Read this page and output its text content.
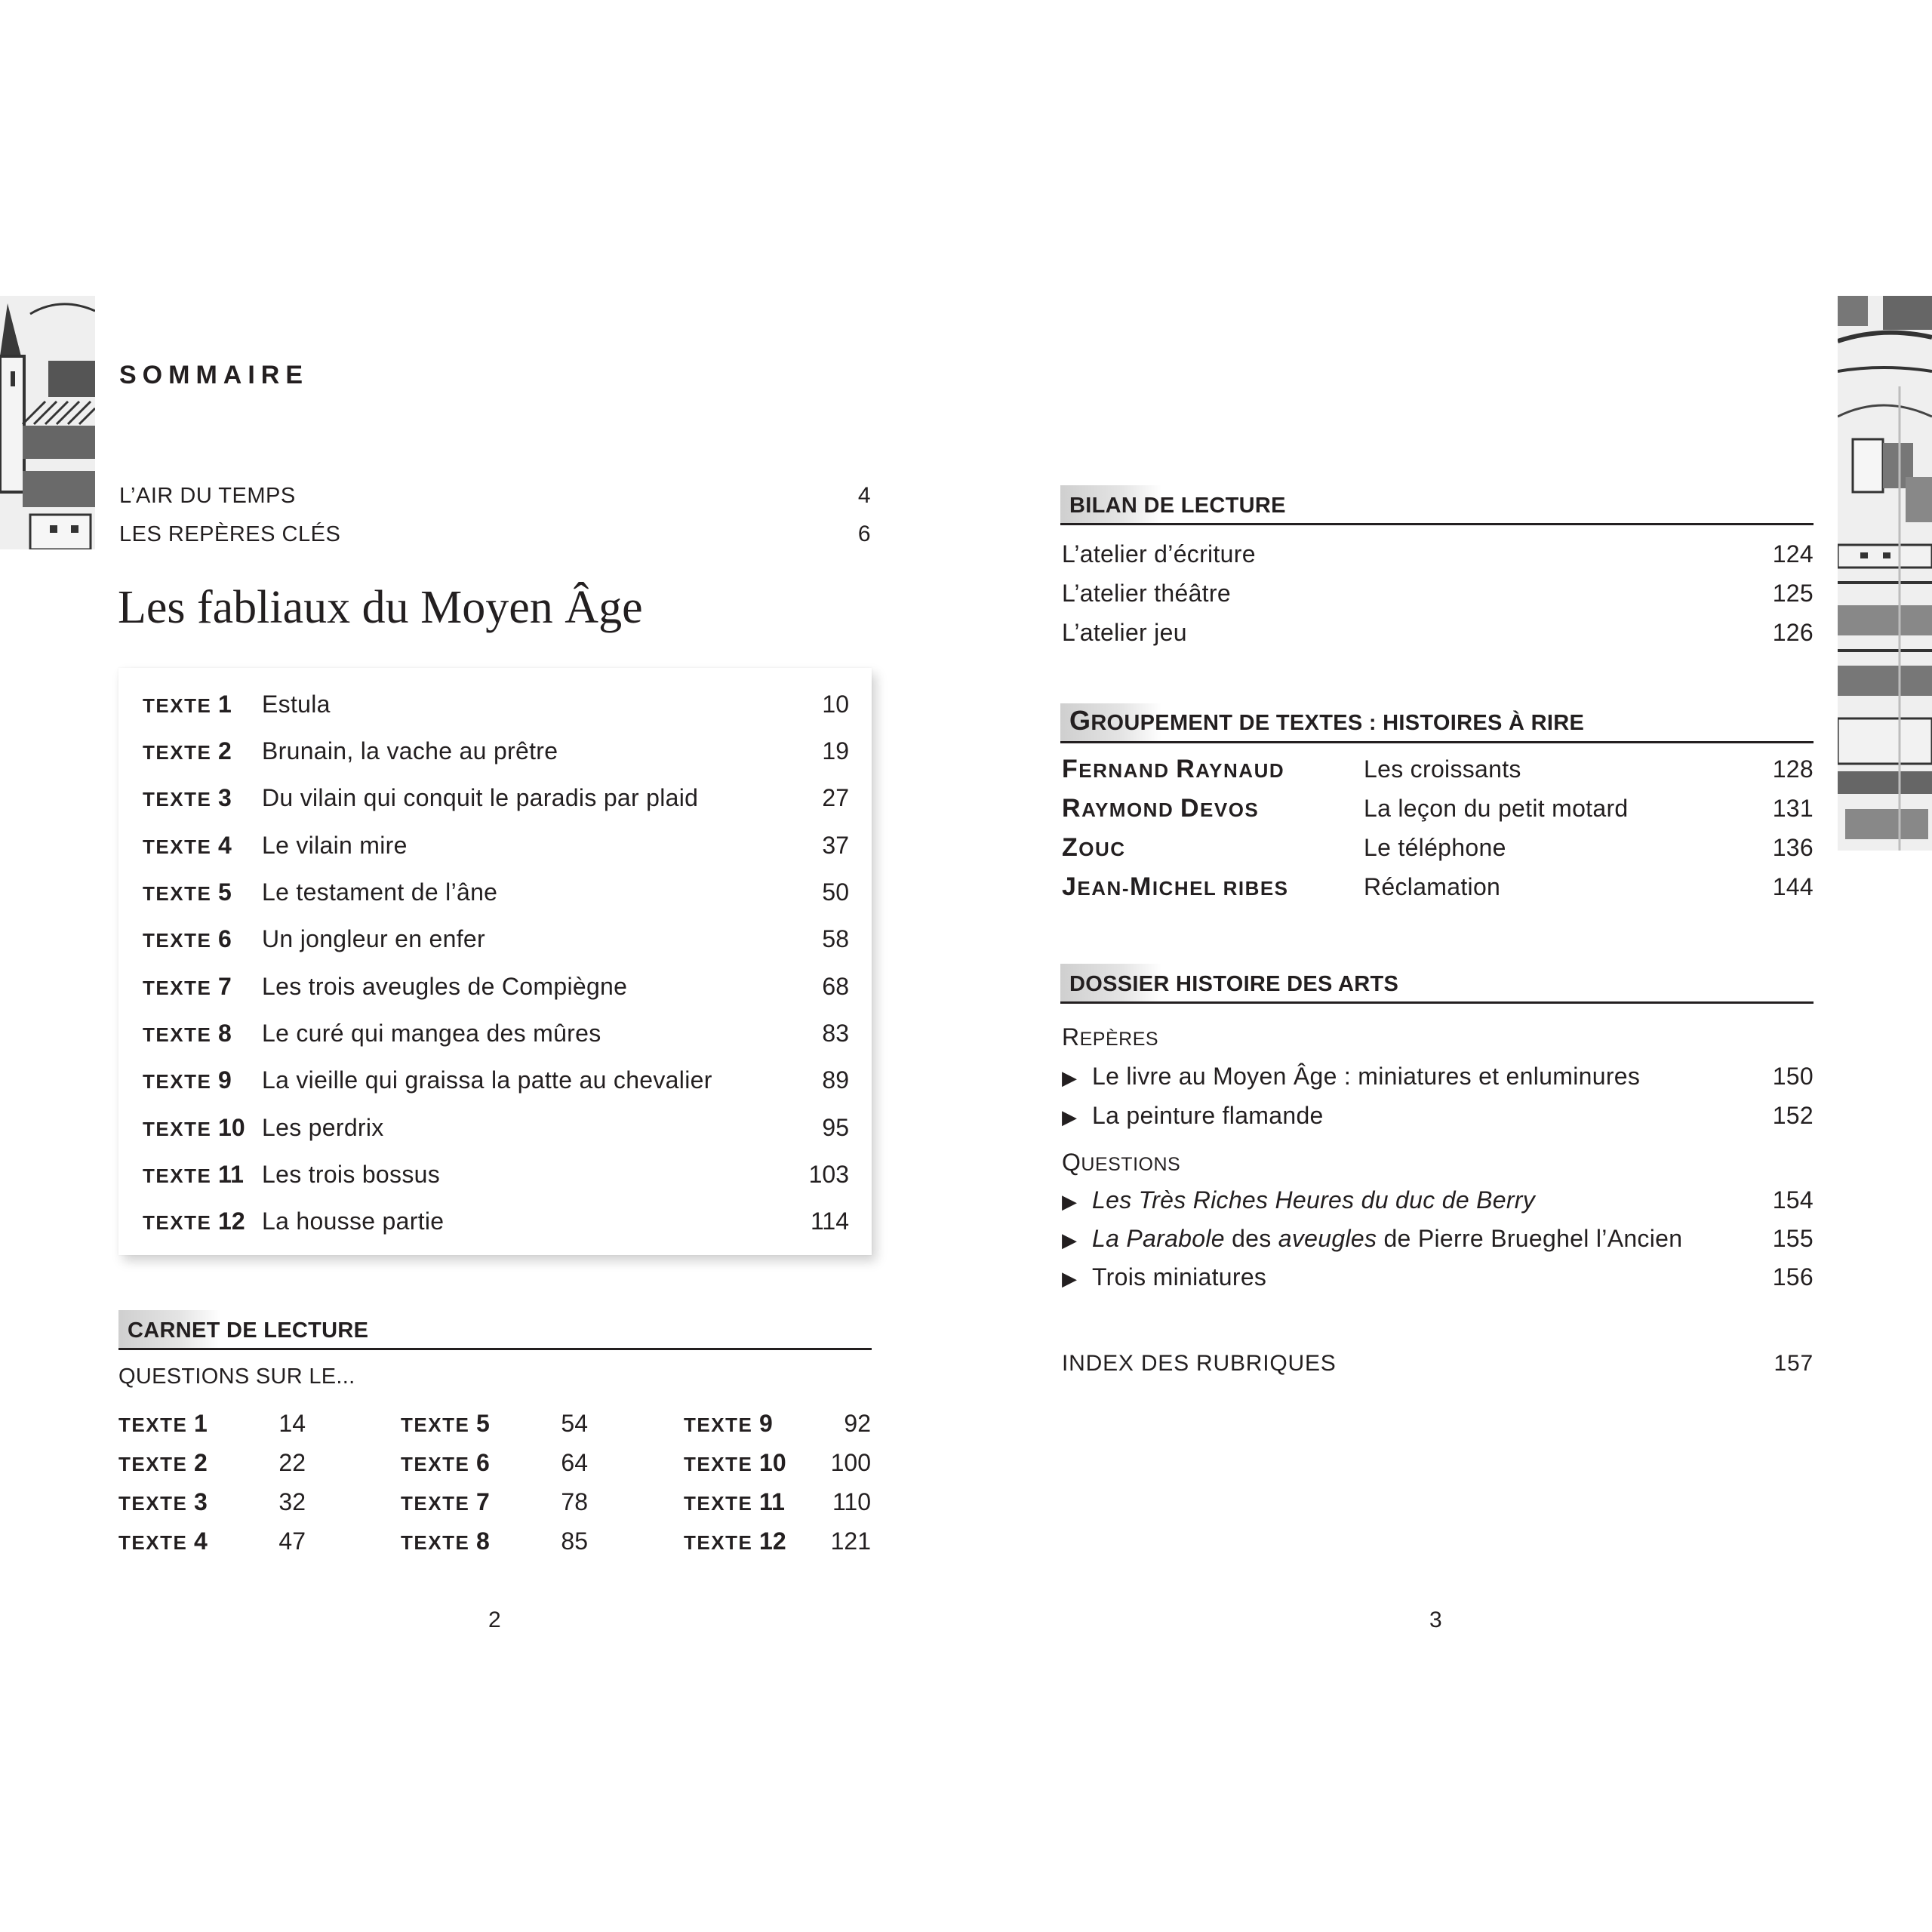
SOMMAIRE
L’AIR DU TEMPS	4
LES REPÈRES CLÉS	6
Les fabliaux du Moyen Âge
TEXTE 1	Estula	10
TEXTE 2	Brunain, la vache au prêtre	19
TEXTE 3	Du vilain qui conquit le paradis par plaid	27
TEXTE 4	Le vilain mire	37
TEXTE 5	Le testament de l’âne	50
TEXTE 6	Un jongleur en enfer	58
TEXTE 7	Les trois aveugles de Compiègne	68
TEXTE 8	Le curé qui mangea des mûres	83
TEXTE 9	La vieille qui graissa la patte au chevalier	89
TEXTE 10 Les perdrix	95
TEXTE 11 Les trois bossus	103
TEXTE 12 La housse partie	114
CARNET DE LECTURE
QUESTIONS SUR LE...
TEXTE 1	14
TEXTE 2	22
TEXTE 3	32
TEXTE 4	47
TEXTE 5	54
TEXTE 6	64
TEXTE 7	78
TEXTE 8	85
TEXTE 9	92
TEXTE 10 100
TEXTE 11 110
TEXTE 12 121
2
BILAN DE LECTURE
L’atelier d’écriture	124
L’atelier théâtre	125
L’atelier jeu	126
GROUPEMENT DE TEXTES : HISTOIRES À RIRE
FERNAND RAYNAUD	Les croissants	128
RAYMOND DEVOS	La leçon du petit motard	131
ZOUC	Le téléphone	136
JEAN-MICHEL RIBES	Réclamation	144
DOSSIER HISTOIRE DES ARTS
REPÈRES
▶ Le livre au Moyen Âge : miniatures et enluminures	150
▶ La peinture flamande	152
QUESTIONS
▶ Les Très Riches Heures du duc de Berry	154
▶ La Parabole des aveugles de Pierre Brueghel l’Ancien	155
▶ Trois miniatures	156
INDEX DES RUBRIQUES	157
3
